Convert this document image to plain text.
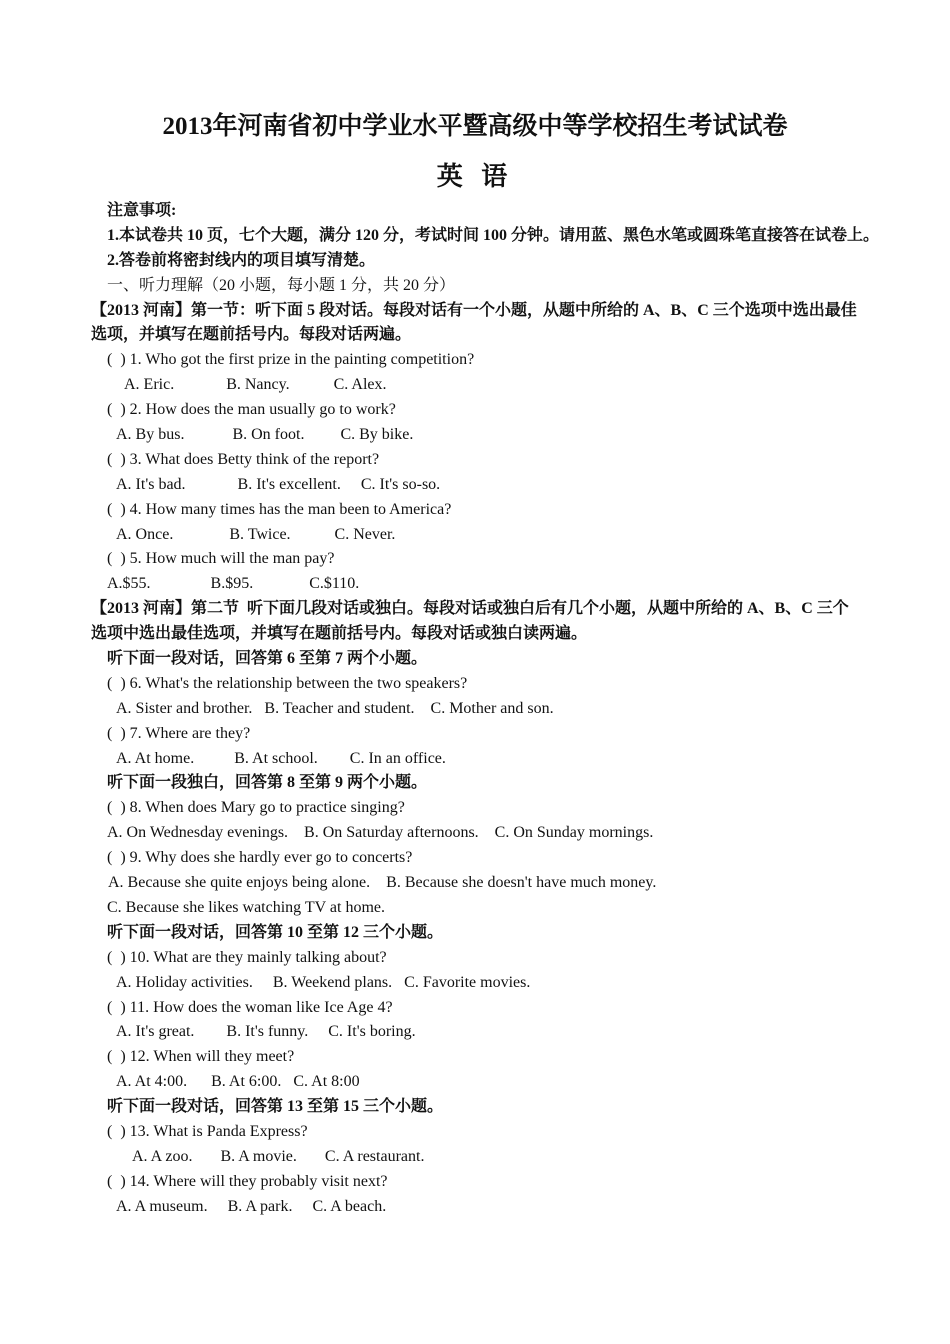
2013年河南省初中学业水平暨高级中等学校招生考试试卷
英 语
注意事项:
1.本试卷共 10 页，七个大题，满分 120 分，考试时间 100 分钟。请用蓝、黑色水笔或圆珠笔直接答在试卷上。
2.答卷前将密封线内的项目填写清楚。
一、听力理解（20 小题，每小题 1 分，共 20 分）
【2013 河南】第一节：听下面 5 段对话。每段对话有一个小题，从题中所给的 A、B、C 三个选项中选出最佳
选项，并填写在题前括号内。每段对话两遍。
(  ) 1. Who got the first prize in the painting competition?
A. Eric.             B. Nancy.           C. Alex.
(  ) 2. How does the man usually go to work?
A. By bus.            B. On foot.         C. By bike.
(  ) 3. What does Betty think of the report?
A. It's bad.             B. It's excellent.     C. It's so-so.
(  ) 4. How many times has the man been to America?
A. Once.              B. Twice.           C. Never.
(  ) 5. How much will the man pay?
A.$55.               B.$95.              C.$110.
【2013 河南】第二节  听下面几段对话或独白。每段对话或独白后有几个小题，从题中所给的 A、B、C 三个
选项中选出最佳选项，并填写在题前括号内。每段对话或独白读两遍。
听下面一段对话，回答第 6 至第 7 两个小题。
(  ) 6. What's the relationship between the two speakers?
A. Sister and brother.   B. Teacher and student.    C. Mother and son.
(  ) 7. Where are they?
A. At home.          B. At school.        C. In an office.
听下面一段独白，回答第 8 至第 9 两个小题。
(  ) 8. When does Mary go to practice singing?
A. On Wednesday evenings.    B. On Saturday afternoons.    C. On Sunday mornings.
(  ) 9. Why does she hardly ever go to concerts?
A. Because she quite enjoys being alone.    B. Because she doesn't have much money.
C. Because she likes watching TV at home.
听下面一段对话，回答第 10 至第 12 三个小题。
(  ) 10. What are they mainly talking about?
A. Holiday activities.     B. Weekend plans.   C. Favorite movies.
(  ) 11. How does the woman like Ice Age 4?
A. It's great.        B. It's funny.     C. It's boring.
(  ) 12. When will they meet?
A. At 4:00.      B. At 6:00.   C. At 8:00
听下面一段对话，回答第 13 至第 15 三个小题。
(  ) 13. What is Panda Express?
A. A zoo.       B. A movie.       C. A restaurant.
(  ) 14. Where will they probably visit next?
A. A museum.     B. A park.     C. A beach.
